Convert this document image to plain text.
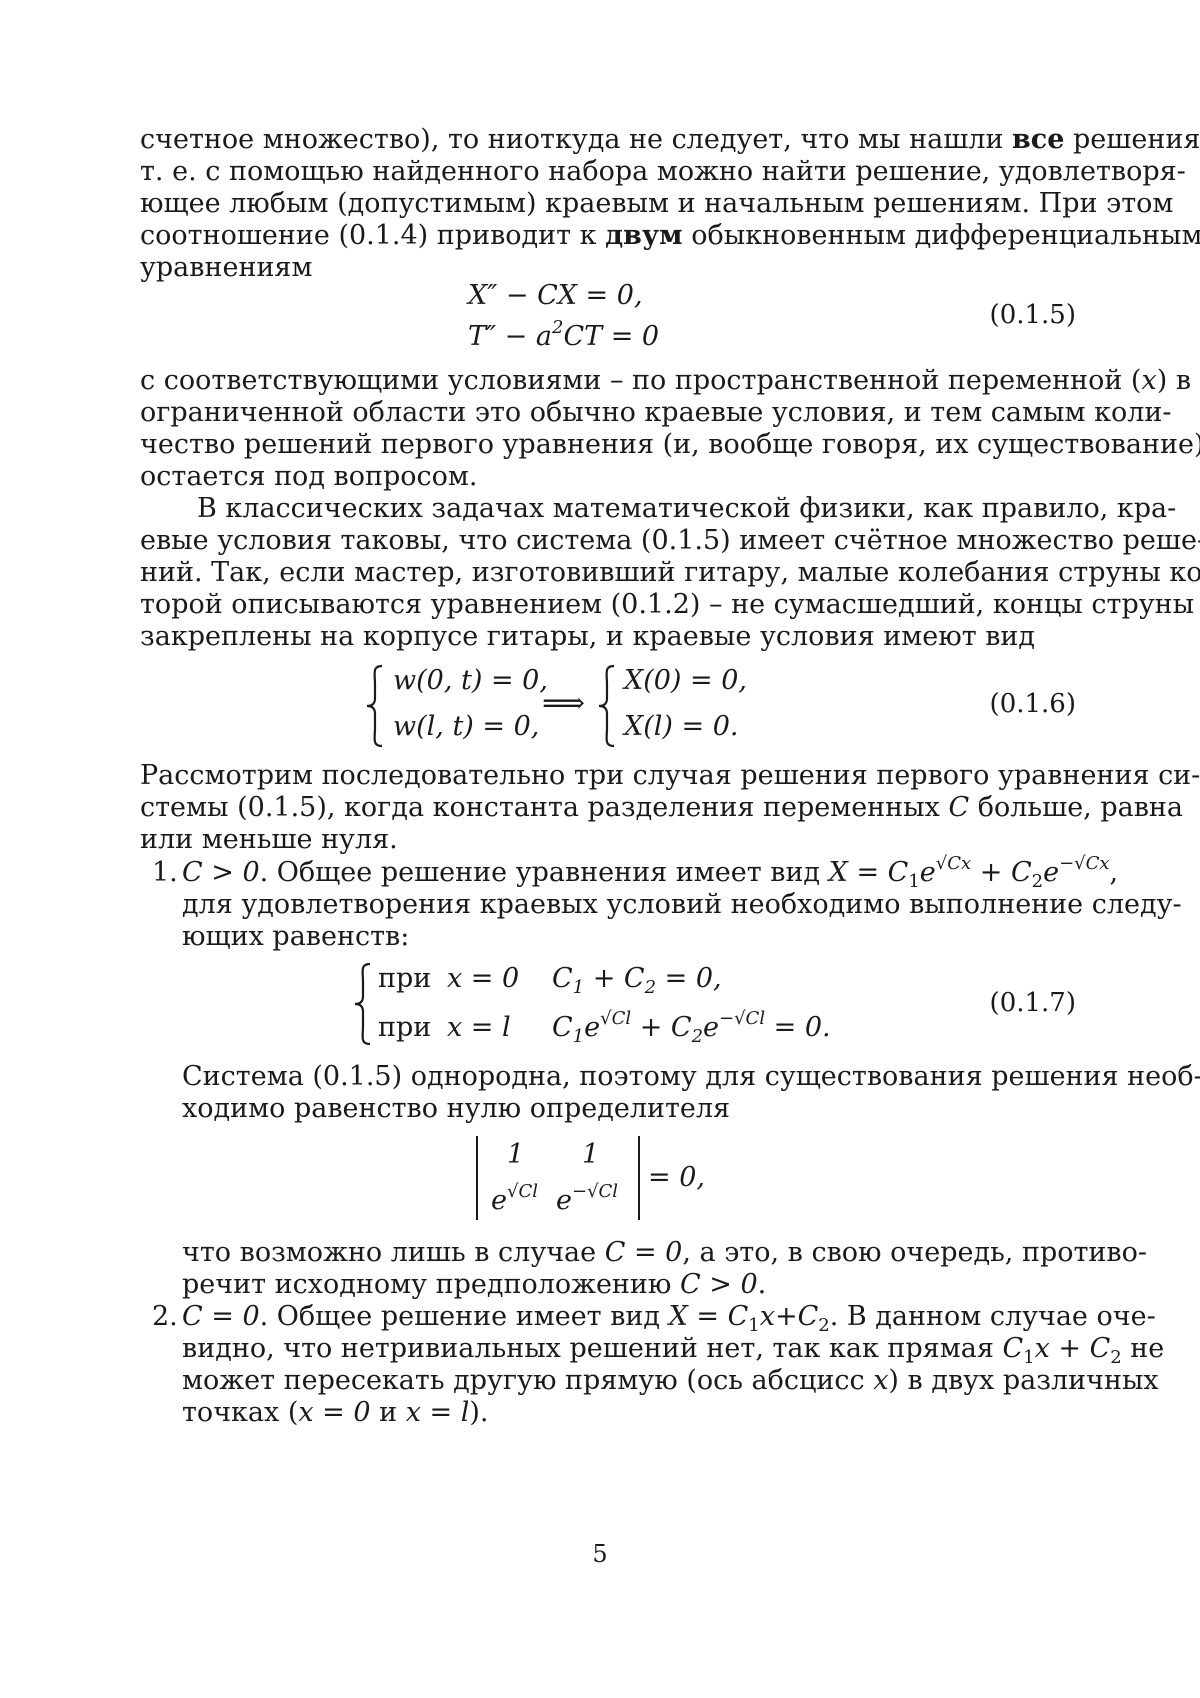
счетное множество), то ниоткуда не следует, что мы нашли все решения,
т. е. с помощью найденного набора можно найти решение, удовлетворя-
ющее любым (допустимым) краевым и начальным решениям. При этом
соотношение (0.1.4) приводит к двум обыкновенным дифференциальным
уравнениям
X″ − CX = 0,
T″ − a2CT = 0
(0.1.5)
с соответствующими условиями – по пространственной переменной (x) в
ограниченной области это обычно краевые условия, и тем самым коли-
чество решений первого уравнения (и, вообще говоря, их существование)
остается под вопросом.
В классических задачах математической физики, как правило, кра-
евые условия таковы, что система (0.1.5) имеет счётное множество реше-
ний. Так, если мастер, изготовивший гитару, малые колебания струны ко-
торой описываются уравнением (0.1.2) – не сумасшедший, концы струны
закреплены на корпусе гитары, и краевые условия имеют вид
w(0, t) = 0,
w(l, t) = 0,
⟹
X(0) = 0,
X(l) = 0.
(0.1.6)
Рассмотрим последовательно три случая решения первого уравнения си-
стемы (0.1.5), когда константа разделения переменных C больше, равна
или меньше нуля.
1. C > 0. Общее решение уравнения имеет вид X = C1e√Cx + C2e−√Cx,
для удовлетворения краевых условий необходимо выполнение следу-
ющих равенств:
при
при
x = 0
x = l
C1 + C2 = 0,
C1e√Cl + C2e−√Cl = 0.
(0.1.7)
Система (0.1.5) однородна, поэтому для существования решения необ-
ходимо равенство нулю определителя
1 1
e√Cl e−√Cl = 0,
что возможно лишь в случае C = 0, а это, в свою очередь, противо-
речит исходному предположению C > 0.
2. C = 0. Общее решение имеет вид X = C1x+C2. В данном случае оче-
видно, что нетривиальных решений нет, так как прямая C1x + C2 не
может пересекать другую прямую (ось абсцисс x) в двух различных
точках (x = 0 и x = l).
5
